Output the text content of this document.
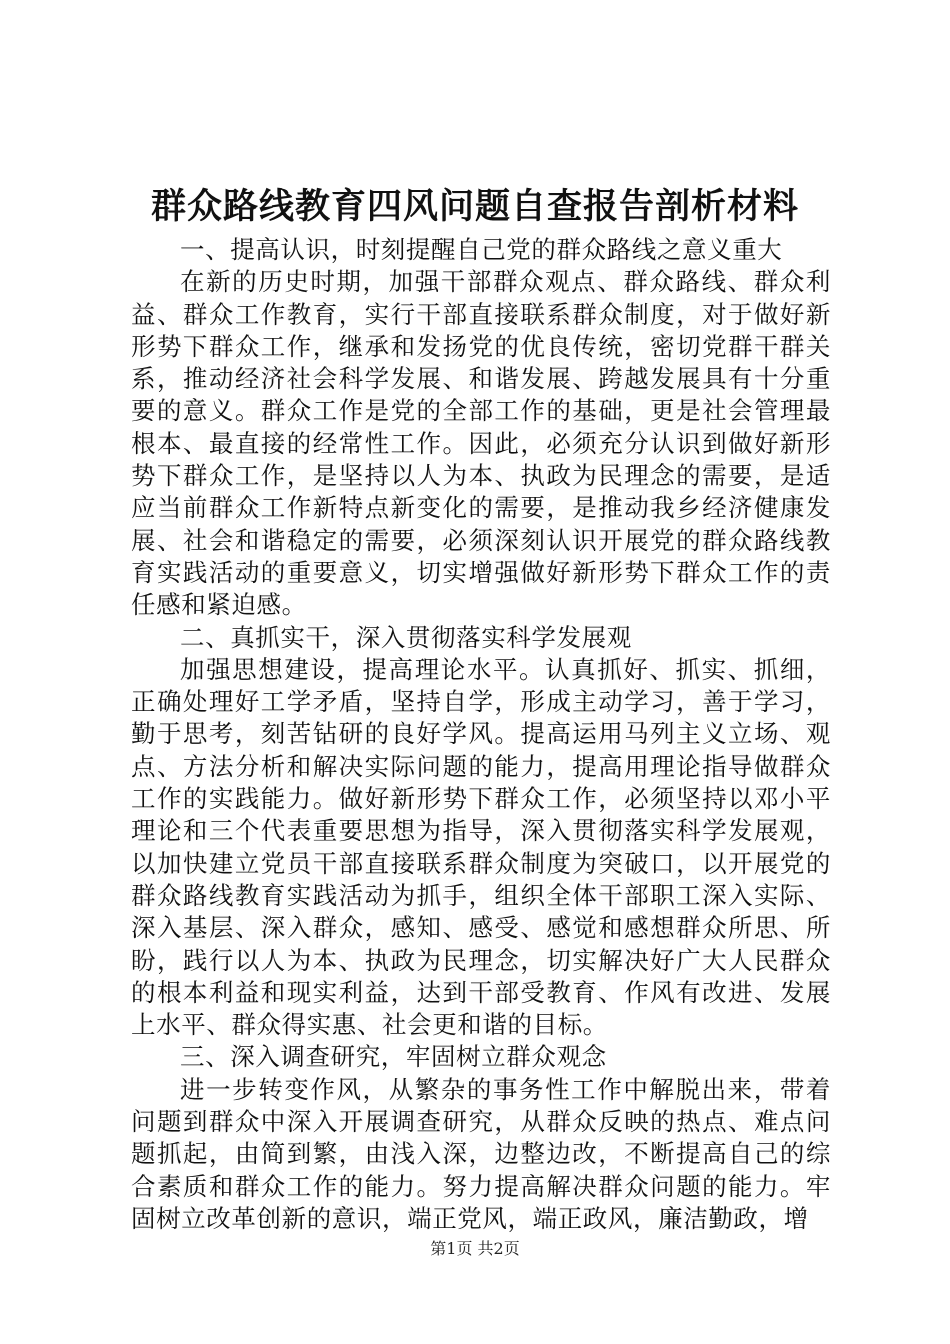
群众路线教育四风问题自查报告剖析材料

一、提高认识，时刻提醒自己党的群众路线之意义重大

在新的历史时期，加强干部群众观点、群众路线、群众利益、群众工作教育，实行干部直接联系群众制度，对于做好新形势下群众工作，继承和发扬党的优良传统，密切党群干群关系，推动经济社会科学发展、和谐发展、跨越发展具有十分重要的意义。群众工作是党的全部工作的基础，更是社会管理最根本、最直接的经常性工作。因此，必须充分认识到做好新形势下群众工作，是坚持以人为本、执政为民理念的需要，是适应当前群众工作新特点新变化的需要，是推动我乡经济健康发展、社会和谐稳定的需要，必须深刻认识开展党的群众路线教育实践活动的重要意义，切实增强做好新形势下群众工作的责任感和紧迫感。

二、真抓实干，深入贯彻落实科学发展观

加强思想建设，提高理论水平。认真抓好、抓实、抓细，正确处理好工学矛盾，坚持自学，形成主动学习，善于学习，勤于思考，刻苦钻研的良好学风。提高运用马列主义立场、观点、方法分析和解决实际问题的能力，提高用理论指导做群众工作的实践能力。做好新形势下群众工作，必须坚持以邓小平理论和三个代表重要思想为指导，深入贯彻落实科学发展观，以加快建立党员干部直接联系群众制度为突破口，以开展党的群众路线教育实践活动为抓手，组织全体干部职工深入实际、深入基层、深入群众，感知、感受、感觉和感想群众所思、所盼，践行以人为本、执政为民理念，切实解决好广大人民群众的根本利益和现实利益，达到干部受教育、作风有改进、发展上水平、群众得实惠、社会更和谐的目标。

三、深入调查研究，牢固树立群众观念

进一步转变作风，从繁杂的事务性工作中解脱出来，带着问题到群众中深入开展调查研究，从群众反映的热点、难点问题抓起，由简到繁，由浅入深，边整边改，不断提高自己的综合素质和群众工作的能力。努力提高解决群众问题的能力。牢固树立改革创新的意识，端正党风，端正政风，廉洁勤政，增

第1页 共2页
